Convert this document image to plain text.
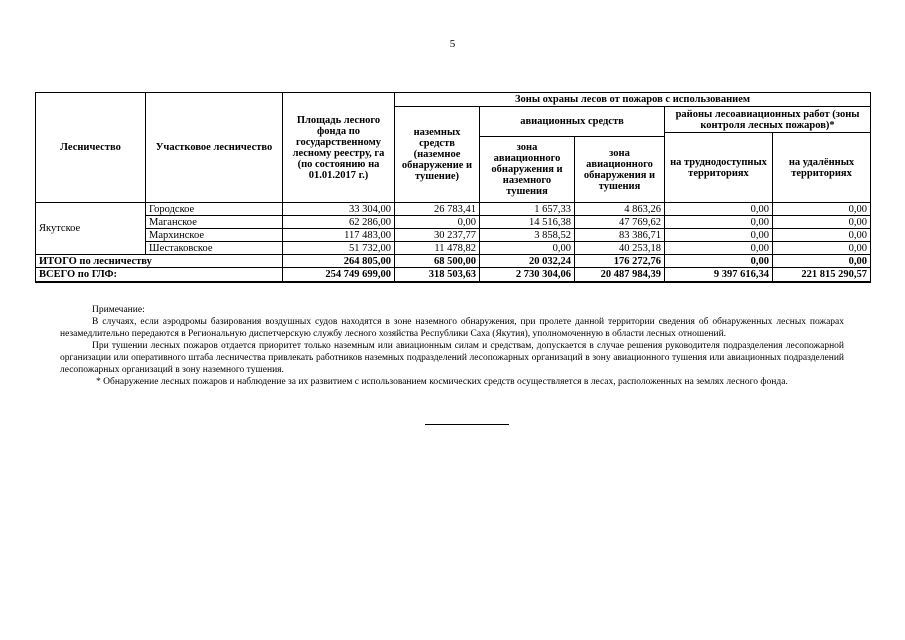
5
Лесничество	Участковое лесничество	Площадь лесного фонда по государственному лесному реестру, га (по состоянию на 01.01.2017 г.)	Зоны охраны лесов от пожаров с использованием				
			наземных средств (наземное обнаружение и тушение)	авиационных средств		районы лесоавиационных работ (зоны контроля лесных пожаров)*	
						на труднодоступных территориях	на удалённых территориях
				зона авиационного обнаружения и наземного тушения	зона авиационного обнаружения и тушения		
Якутское	Городское	33 304,00	26 783,41	1 657,33	4 863,26	0,00	0,00
	Маганское	62 286,00	0,00	14 516,38	47 769,62	0,00	0,00
	Мархинское	117 483,00	30 237,77	3 858,52	83 386,71	0,00	0,00
	Шестаковское	51 732,00	11 478,82	0,00	40 253,18	0,00	0,00
ИТОГО по лесничеству		264 805,00	68 500,00	20 032,24	176 272,76	0,00	0,00
ВСЕГО по ГЛФ:		254 749 699,00	318 503,63	2 730 304,06	20 487 984,39	9 397 616,34	221 815 290,57

Примечание:

В случаях, если аэродромы базирования воздушных судов находятся в зоне наземного обнаружения, при пролете данной территории сведения об обнаруженных лесных пожарах незамедлительно передаются в Региональную диспетчерскую службу лесного хозяйства Республики Саха (Якутия), уполномоченную в области лесных отношений.

При тушении лесных пожаров отдается приоритет только наземным или авиационным силам и средствам, допускается в случае решения руководителя подразделения лесопожарной организации или оперативного штаба лесничества привлекать работников наземных подразделений лесопожарных организаций в зону авиационного тушения или авиационных подразделений лесопожарных организаций в зону наземного тушения.

* Обнаружение лесных пожаров и наблюдение за их развитием с использованием космических средств осуществляется в лесах, расположенных на землях лесного фонда.
